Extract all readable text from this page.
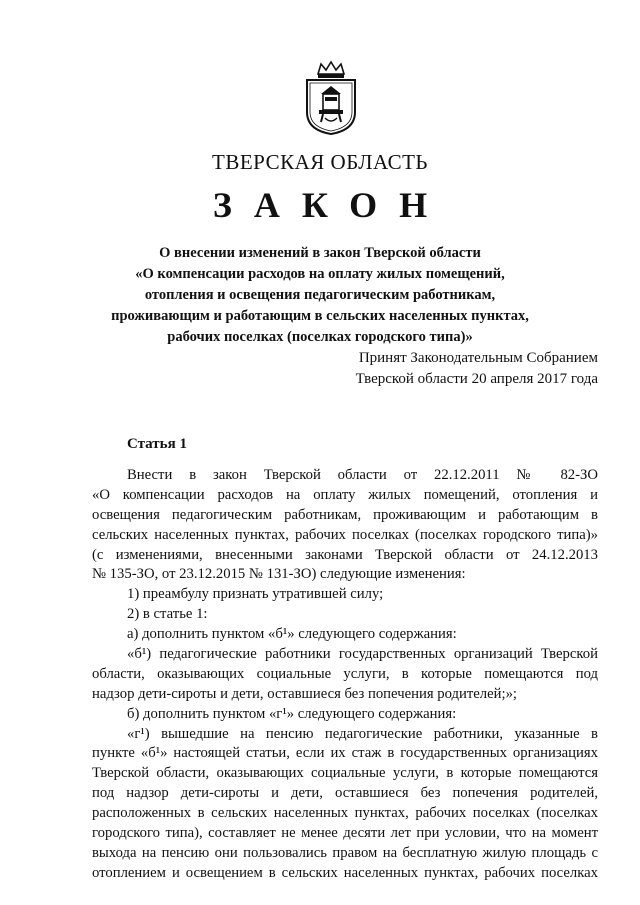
ТВЕРСКАЯ ОБЛАСТЬ
ЗАКОН
О внесении изменений в закон Тверской области
«О компенсации расходов на оплату жилых помещений,
отопления и освещения педагогическим работникам,
проживающим и работающим в сельских населенных пунктах,
рабочих поселках (поселках городского типа)»
Принят Законодательным Собранием
Тверской области 20 апреля 2017 года
Статья 1
Внести в закон Тверской области от 22.12.2011 № 82-ЗО
«О компенсации расходов на оплату жилых помещений, отопления и
освещения педагогическим работникам, проживающим и работающим в
сельских населенных пунктах, рабочих поселках (поселках городского типа)»
(с изменениями, внесенными законами Тверской области от 24.12.2013
№ 135-ЗО, от 23.12.2015 № 131-ЗО) следующие изменения:
1) преамбулу признать утратившей силу;
2) в статье 1:
а) дополнить пунктом «б¹» следующего содержания:
«б¹) педагогические работники государственных организаций Тверской
области, оказывающих социальные услуги, в которые помещаются под
надзор дети-сироты и дети, оставшиеся без попечения родителей;»;
б) дополнить пунктом «г¹» следующего содержания:
«г¹) вышедшие на пенсию педагогические работники, указанные в
пункте «б¹» настоящей статьи, если их стаж в государственных организациях
Тверской области, оказывающих социальные услуги, в которые помещаются
под надзор дети-сироты и дети, оставшиеся без попечения родителей,
расположенных в сельских населенных пунктах, рабочих поселках (поселках
городского типа), составляет не менее десяти лет при условии, что на момент
выхода на пенсию они пользовались правом на бесплатную жилую площадь с
отоплением и освещением в сельских населенных пунктах, рабочих поселках
